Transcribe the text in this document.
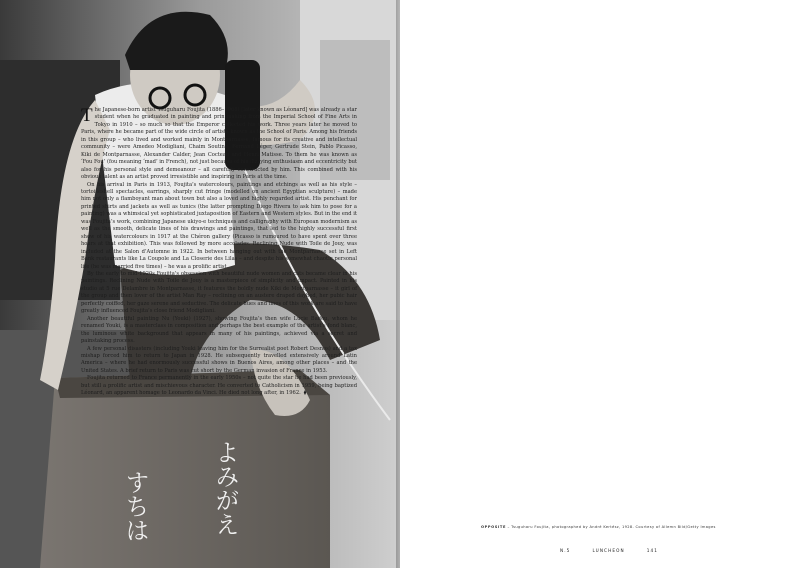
すちは	よみがえ

The Japanese-born artist Tsuguharu Foujita (1886–1968) [later known as Léonard] was already a star student when he graduated in painting and printmaking from the Imperial School of Fine Arts in Tokyo in 1910 – so much so that the Emperor collected his work. Three years later he moved to Paris, where he became part of the wide circle of artists known as the School of Paris. Among his friends in this group – who lived and worked mainly in Montparnasse, famous for its creative and intellectual community – were Amedeo Modigliani, Chaim Soutine, Fernand Léger, Gertrude Stein, Pablo Picasso, Kiki de Montparnasse, Alexander Calder, Jean Cocteau and Henri Matisse. To them he was known as ‘Fou Fou’ (fou meaning ‘mad’ in French), not just because of his dizzying enthusiasm and eccentricity but also for his personal style and demeanour – all carefully constructed by him. This combined with his obvious talent as an artist proved irresistible and inspiring in Paris at the time.

On his arrival in Paris in 1913, Foujita’s watercolours, paintings and etchings as well as his style – tortoiseshell spectacles, earrings, sharply cut fringe (modelled on ancient Egyptian sculpture) – made him not only a flamboyant man about town but also a loved and highly regarded artist. His penchant for printed shirts and jackets as well as tunics (the latter prompting Diego Rivera to ask him to pose for a painting) was a whimsical yet sophisticated juxtaposition of Eastern and Western styles. But in the end it was Foujita’s work, combining Japanese ukiyo-e techniques and calligraphy with European modernism as well as the smooth, delicate lines of his drawings and paintings, that led to the highly successful first show of his watercolours in 1917 at the Chéron gallery (Picasso is rumoured to have spent over three hours at that exhibition). This was followed by more accolades. Reclining Nude with Toile de Jouy, was included at the Salon d’Automne in 1922. In between hanging out with the Montparnasse set in Left Bank restaurants like La Coupole and La Closerie des Lilas – and despite his somewhat chaotic personal life (he was married five times) – he was a prolific artist.

By the early to mid-1920s Foujita’s obsession with beautiful nude women and cats became clear in his paintings. Reclining Nude with Toile de Jouy is a masterpiece of simplicity and impact. Painted in his studio at 5 rue Delambre in Montparnasse, it features the boldly nude Kiki de Montparnasse – it girl of the group and then lover of the artist Man Ray – reclining on an austere draped daybed, her pubic hair perfectly coiffed, her gaze serene and seductive. The delicate hues and lines of this work are said to have greatly influenced Foujita’s close friend Modigliani.

Another beautiful painting Nu (Youki) (1927), showing Foujita’s then wife Lucie Badou, whom he renamed Youki, is a masterclass in composition and perhaps the best example of the artist’s fond blanc, the luminous white background that appears in many of his paintings, achieved via a secret and painstaking process.

A few personal disasters (including Youki leaving him for the Surrealist poet Robert Desnos) and a tax mishap forced him to return to Japan in 1928. He subsequently travelled extensively around Latin America – where he had enormously successful shows in Buenos Aires, among other places – and the United States. A brief return to Paris was cut short by the German invasion of France in 1953.

Foujita returned to France permanently in the early 1950s – not quite the star he had been previously, but still a prolific artist and mischievous character. He converted to Catholicism in 1959, being baptized Léonard, an apparent homage to Leonardo da Vinci. He died not long after, in 1962. ⧫

OPPOSITE – Tsuguharu Foujita, photographed by André Kertész, 1928. Courtesy of Allemn Bild/Getty Images
N.5	LUNCHEON	141
